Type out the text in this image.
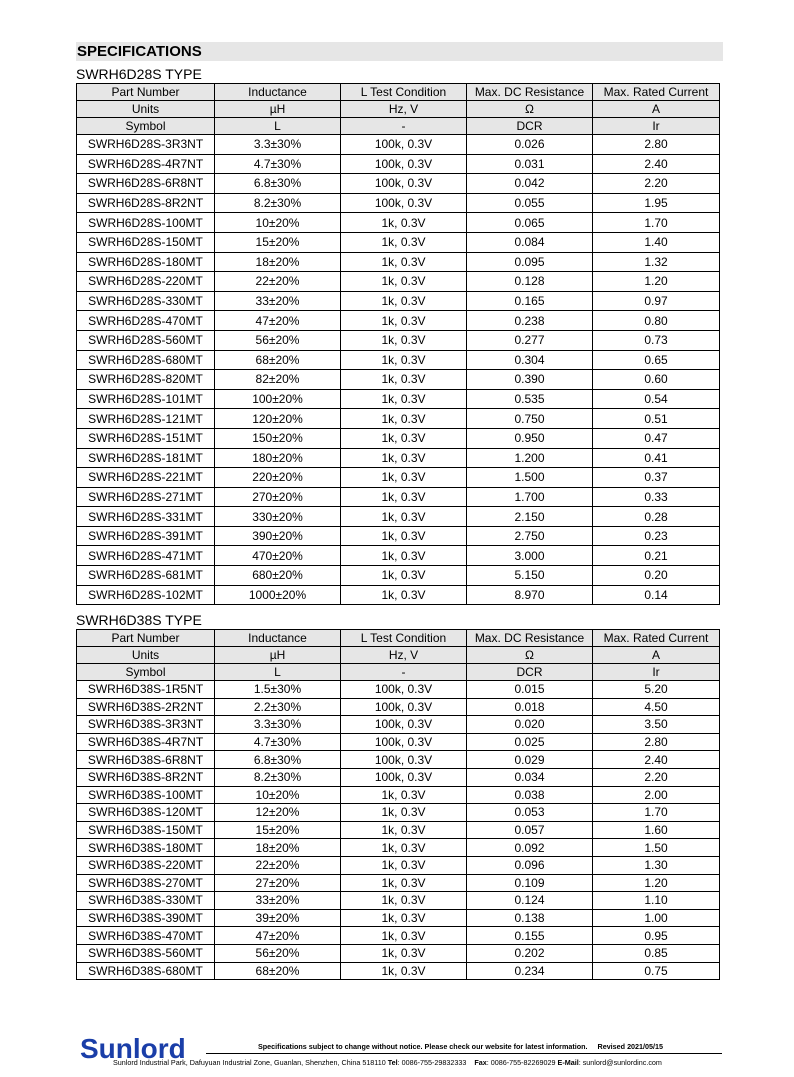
SPECIFICATIONS
SWRH6D28S TYPE
Part Number	Inductance	L Test Condition	Max. DC Resistance	Max. Rated Current
Units	µH	Hz, V	Ω	A
Symbol	L	-	DCR	Ir
SWRH6D28S-3R3NT	3.3±30%	100k, 0.3V	0.026	2.80
SWRH6D28S-4R7NT	4.7±30%	100k, 0.3V	0.031	2.40
SWRH6D28S-6R8NT	6.8±30%	100k, 0.3V	0.042	2.20
SWRH6D28S-8R2NT	8.2±30%	100k, 0.3V	0.055	1.95
SWRH6D28S-100MT	10±20%	1k, 0.3V	0.065	1.70
SWRH6D28S-150MT	15±20%	1k, 0.3V	0.084	1.40
SWRH6D28S-180MT	18±20%	1k, 0.3V	0.095	1.32
SWRH6D28S-220MT	22±20%	1k, 0.3V	0.128	1.20
SWRH6D28S-330MT	33±20%	1k, 0.3V	0.165	0.97
SWRH6D28S-470MT	47±20%	1k, 0.3V	0.238	0.80
SWRH6D28S-560MT	56±20%	1k, 0.3V	0.277	0.73
SWRH6D28S-680MT	68±20%	1k, 0.3V	0.304	0.65
SWRH6D28S-820MT	82±20%	1k, 0.3V	0.390	0.60
SWRH6D28S-101MT	100±20%	1k, 0.3V	0.535	0.54
SWRH6D28S-121MT	120±20%	1k, 0.3V	0.750	0.51
SWRH6D28S-151MT	150±20%	1k, 0.3V	0.950	0.47
SWRH6D28S-181MT	180±20%	1k, 0.3V	1.200	0.41
SWRH6D28S-221MT	220±20%	1k, 0.3V	1.500	0.37
SWRH6D28S-271MT	270±20%	1k, 0.3V	1.700	0.33
SWRH6D28S-331MT	330±20%	1k, 0.3V	2.150	0.28
SWRH6D28S-391MT	390±20%	1k, 0.3V	2.750	0.23
SWRH6D28S-471MT	470±20%	1k, 0.3V	3.000	0.21
SWRH6D28S-681MT	680±20%	1k, 0.3V	5.150	0.20
SWRH6D28S-102MT	1000±20%	1k, 0.3V	8.970	0.14
SWRH6D38S TYPE
Part Number	Inductance	L Test Condition	Max. DC Resistance	Max. Rated Current
Units	µH	Hz, V	Ω	A
Symbol	L	-	DCR	Ir
SWRH6D38S-1R5NT	1.5±30%	100k, 0.3V	0.015	5.20
SWRH6D38S-2R2NT	2.2±30%	100k, 0.3V	0.018	4.50
SWRH6D38S-3R3NT	3.3±30%	100k, 0.3V	0.020	3.50
SWRH6D38S-4R7NT	4.7±30%	100k, 0.3V	0.025	2.80
SWRH6D38S-6R8NT	6.8±30%	100k, 0.3V	0.029	2.40
SWRH6D38S-8R2NT	8.2±30%	100k, 0.3V	0.034	2.20
SWRH6D38S-100MT	10±20%	1k, 0.3V	0.038	2.00
SWRH6D38S-120MT	12±20%	1k, 0.3V	0.053	1.70
SWRH6D38S-150MT	15±20%	1k, 0.3V	0.057	1.60
SWRH6D38S-180MT	18±20%	1k, 0.3V	0.092	1.50
SWRH6D38S-220MT	22±20%	1k, 0.3V	0.096	1.30
SWRH6D38S-270MT	27±20%	1k, 0.3V	0.109	1.20
SWRH6D38S-330MT	33±20%	1k, 0.3V	0.124	1.10
SWRH6D38S-390MT	39±20%	1k, 0.3V	0.138	1.00
SWRH6D38S-470MT	47±20%	1k, 0.3V	0.155	0.95
SWRH6D38S-560MT	56±20%	1k, 0.3V	0.202	0.85
SWRH6D38S-680MT	68±20%	1k, 0.3V	0.234	0.75
Sunlord	Specifications subject to change without notice. Please check our website for latest information. Revised 2021/05/15
Sunlord Industrial Park, Dafuyuan Industrial Zone, Guanlan, Shenzhen, China 518110 Tel: 0086-755-29832333 Fax: 0086-755-82269029 E-Mail: sunlord@sunlordinc.com
